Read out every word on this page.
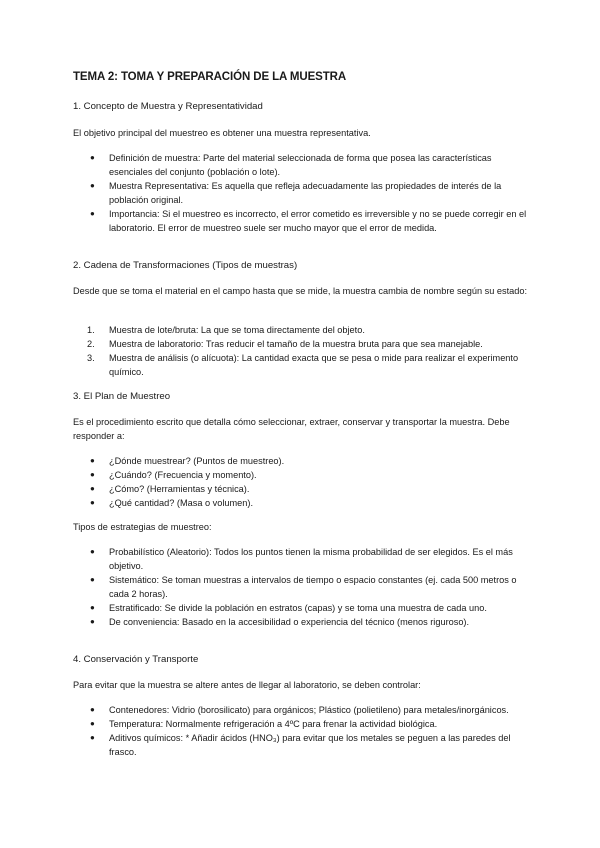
TEMA 2: TOMA Y PREPARACIÓN DE LA MUESTRA
1. Concepto de Muestra y Representatividad
El objetivo principal del muestreo es obtener una muestra representativa.
●	Definición de muestra: Parte del material seleccionada de forma que posea las características esenciales del conjunto (población o lote).
●	Muestra Representativa: Es aquella que refleja adecuadamente las propiedades de interés de la población original.
●	Importancia: Si el muestreo es incorrecto, el error cometido es irreversible y no se puede corregir en el laboratorio. El error de muestreo suele ser mucho mayor que el error de medida.
2. Cadena de Transformaciones (Tipos de muestras)
Desde que se toma el material en el campo hasta que se mide, la muestra cambia de nombre según su estado:
1.	Muestra de lote/bruta: La que se toma directamente del objeto.
2.	Muestra de laboratorio: Tras reducir el tamaño de la muestra bruta para que sea manejable.
3.	Muestra de análisis (o alícuota): La cantidad exacta que se pesa o mide para realizar el experimento químico.
3. El Plan de Muestreo
Es el procedimiento escrito que detalla cómo seleccionar, extraer, conservar y transportar la muestra. Debe responder a:
●	¿Dónde muestrear? (Puntos de muestreo).
●	¿Cuándo? (Frecuencia y momento).
●	¿Cómo? (Herramientas y técnica).
●	¿Qué cantidad? (Masa o volumen).
Tipos de estrategias de muestreo:
●	Probabilístico (Aleatorio): Todos los puntos tienen la misma probabilidad de ser elegidos. Es el más objetivo.
●	Sistemático: Se toman muestras a intervalos de tiempo o espacio constantes (ej. cada 500 metros o cada 2 horas).
●	Estratificado: Se divide la población en estratos (capas) y se toma una muestra de cada uno.
●	De conveniencia: Basado en la accesibilidad o experiencia del técnico (menos riguroso).
4. Conservación y Transporte
Para evitar que la muestra se altere antes de llegar al laboratorio, se deben controlar:
●	Contenedores: Vidrio (borosilicato) para orgánicos; Plástico (polietileno) para metales/inorgánicos.
●	Temperatura: Normalmente refrigeración a 4ºC para frenar la actividad biológica.
●	Aditivos químicos: * Añadir ácidos (HNO₃) para evitar que los metales se peguen a las paredes del frasco.
